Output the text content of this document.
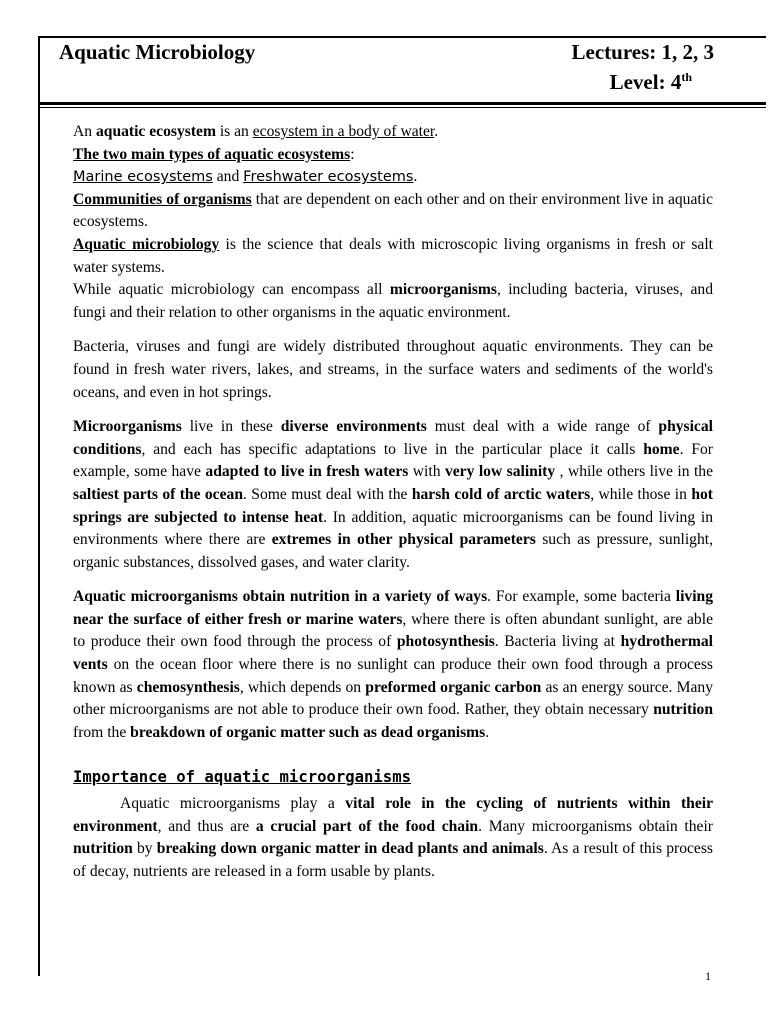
Aquatic Microbiology	Lectures: 1, 2, 3
Level: 4th

An aquatic ecosystem is an ecosystem in a body of water.

The two main types of aquatic ecosystems:

Marine ecosystems and Freshwater ecosystems.

Communities of organisms that are dependent on each other and on their environment live in aquatic ecosystems.

Aquatic microbiology is the science that deals with microscopic living organisms in fresh or salt water systems.

While aquatic microbiology can encompass all microorganisms, including bacteria, viruses, and fungi and their relation to other organisms in the aquatic environment.

Bacteria, viruses and fungi are widely distributed throughout aquatic environments. They can be found in fresh water rivers, lakes, and streams, in the surface waters and sediments of the world's oceans, and even in hot springs.

Microorganisms live in these diverse environments must deal with a wide range of physical conditions, and each has specific adaptations to live in the particular place it calls home. For example, some have adapted to live in fresh waters with very low salinity , while others live in the saltiest parts of the ocean. Some must deal with the harsh cold of arctic waters, while those in hot springs are subjected to intense heat. In addition, aquatic microorganisms can be found living in environments where there are extremes in other physical parameters such as pressure, sunlight, organic substances, dissolved gases, and water clarity.

Aquatic microorganisms obtain nutrition in a variety of ways. For example, some bacteria living near the surface of either fresh or marine waters, where there is often abundant sunlight, are able to produce their own food through the process of photosynthesis. Bacteria living at hydrothermal vents on the ocean floor where there is no sunlight can produce their own food through a process known as chemosynthesis, which depends on preformed organic carbon as an energy source. Many other microorganisms are not able to produce their own food. Rather, they obtain necessary nutrition from the breakdown of organic matter such as dead organisms.

Importance of aquatic microorganisms

Aquatic microorganisms play a vital role in the cycling of nutrients within their environment, and thus are a crucial part of the food chain. Many microorganisms obtain their nutrition by breaking down organic matter in dead plants and animals. As a result of this process of decay, nutrients are released in a form usable by plants.

1
